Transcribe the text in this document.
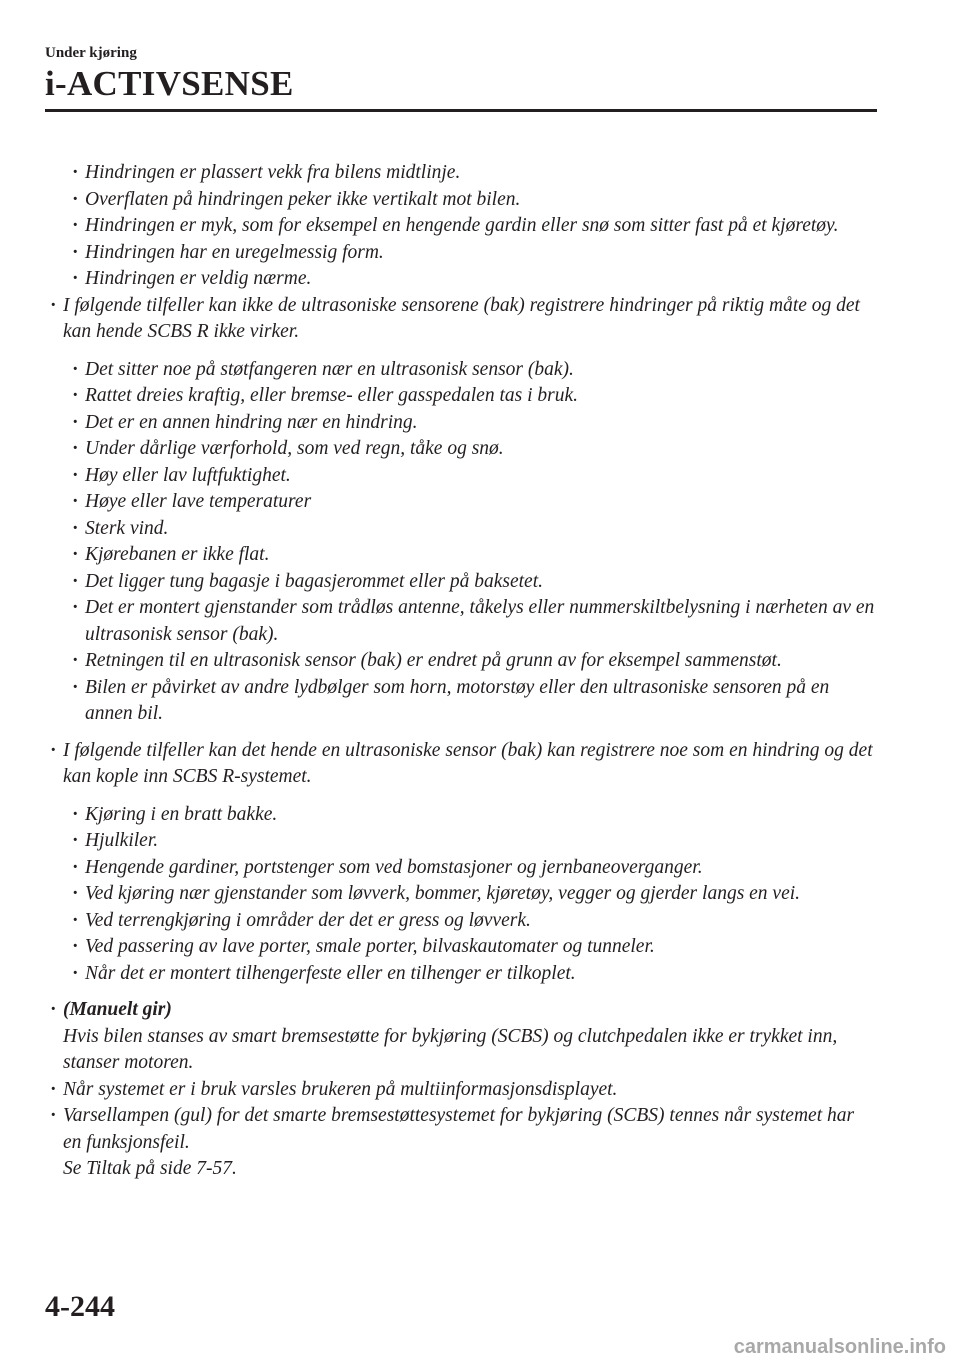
Under kjøring
i-ACTIVSENSE
· Hindringen er plassert vekk fra bilens midtlinje.
· Overflaten på hindringen peker ikke vertikalt mot bilen.
· Hindringen er myk, som for eksempel en hengende gardin eller snø som sitter fast på et kjøretøy.
· Hindringen har en uregelmessig form.
· Hindringen er veldig nærme.
· I følgende tilfeller kan ikke de ultrasoniske sensorene (bak) registrere hindringer på riktig måte og det kan hende SCBS R ikke virker.
· Det sitter noe på støtfangeren nær en ultrasonisk sensor (bak).
· Rattet dreies kraftig, eller bremse- eller gasspedalen tas i bruk.
· Det er en annen hindring nær en hindring.
· Under dårlige værforhold, som ved regn, tåke og snø.
· Høy eller lav luftfuktighet.
· Høye eller lave temperaturer
· Sterk vind.
· Kjørebanen er ikke flat.
· Det ligger tung bagasje i bagasjerommet eller på baksetet.
· Det er montert gjenstander som trådløs antenne, tåkelys eller nummerskiltbelysning i nærheten av en ultrasonisk sensor (bak).
· Retningen til en ultrasonisk sensor (bak) er endret på grunn av for eksempel sammenstøt.
· Bilen er påvirket av andre lydbølger som horn, motorstøy eller den ultrasoniske sensoren på en annen bil.
· I følgende tilfeller kan det hende en ultrasoniske sensor (bak) kan registrere noe som en hindring og det kan kople inn SCBS R-systemet.
· Kjøring i en bratt bakke.
· Hjulkiler.
· Hengende gardiner, portstenger som ved bomstasjoner og jernbaneoverganger.
· Ved kjøring nær gjenstander som løvverk, bommer, kjøretøy, vegger og gjerder langs en vei.
· Ved terrengkjøring i områder der det er gress og løvverk.
· Ved passering av lave porter, smale porter, bilvaskautomater og tunneler.
· Når det er montert tilhengerfeste eller en tilhenger er tilkoplet.
· (Manuelt gir)
Hvis bilen stanses av smart bremsestøtte for bykjøring (SCBS) og clutchpedalen ikke er trykket inn, stanser motoren.
· Når systemet er i bruk varsles brukeren på multiinformasjonsdisplayet.
· Varsellampen (gul) for det smarte bremsestøttesystemet for bykjøring (SCBS) tennes når systemet har en funksjonsfeil.
Se Tiltak på side 7-57.
4-244
carmanualsonline.info
